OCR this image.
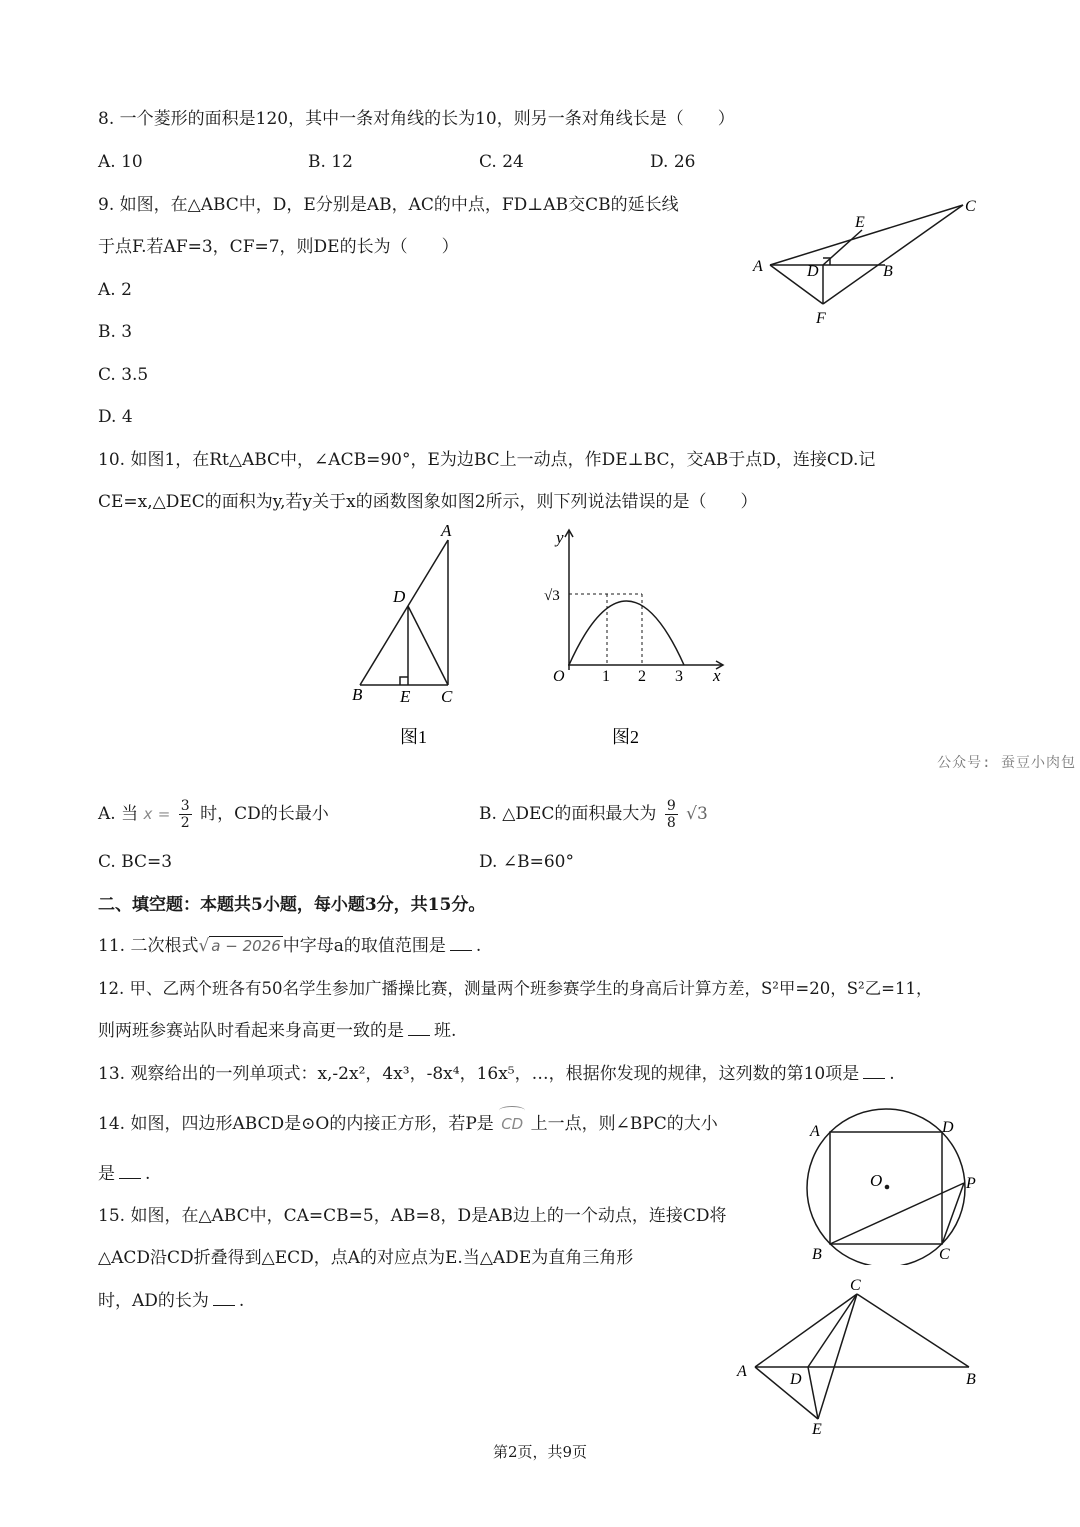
8. 一个菱形的面积是120，其中一条对角线的长为10，则另一条对角线长是（　　）
A. 10	B. 12	C. 24	D. 26
9. 如图，在△ABC中，D，E分别是AB，AC的中点，FD⊥AB交CB的延长线
于点F.若AF=3，CF=7，则DE的长为（　　）
A. 2
B. 3
C. 3.5
D. 4
A	D	B
C
E
F
10. 如图1，在Rt△ABC中，∠ACB=90°，E为边BC上一动点，作DE⊥BC，交AB于点D，连接CD.记
CE=x,△DEC的面积为y,若y关于x的函数图象如图2所示，则下列说法错误的是（　　）
A
D
B E C
图1
y
√3
O 1 2 3 x
图2
公众号: 蚕豆小肉包
A. 当 $x = \frac{3}{2}$ 时，CD的长最小	B. △DEC的面积最大为 $\frac{9}{8} √3$
C. BC=3	D. ∠B=60°
二、填空题：本题共5小题，每小题3分，共15分。
11. 二次根式√ a − 2026 中字母a的取值范围是 .
12. 甲、乙两个班各有50名学生参加广播操比赛，测量两个班参赛学生的身高后计算方差，S²甲=20，S²乙=11，
则两班参赛站队时看起来身高更一致的是 班.
13. 观察给出的一列单项式：x,-2x²，4x³，-8x⁴，16x⁵，…，根据你发现的规律，这列数的第10项是 .
14. 如图，四边形ABCD是⊙O的内接正方形，若P是 CD 上一点，则∠BPC的大小
是 .
A	D
O	P
B	C
15. 如图，在△ABC中，CA=CB=5，AB=8，D是AB边上的一个动点，连接CD将
△ACD沿CD折叠得到△ECD，点A的对应点为E.当△ADE为直角三角形
时，AD的长为 .
C
A	D	B
E
第2页，共9页
